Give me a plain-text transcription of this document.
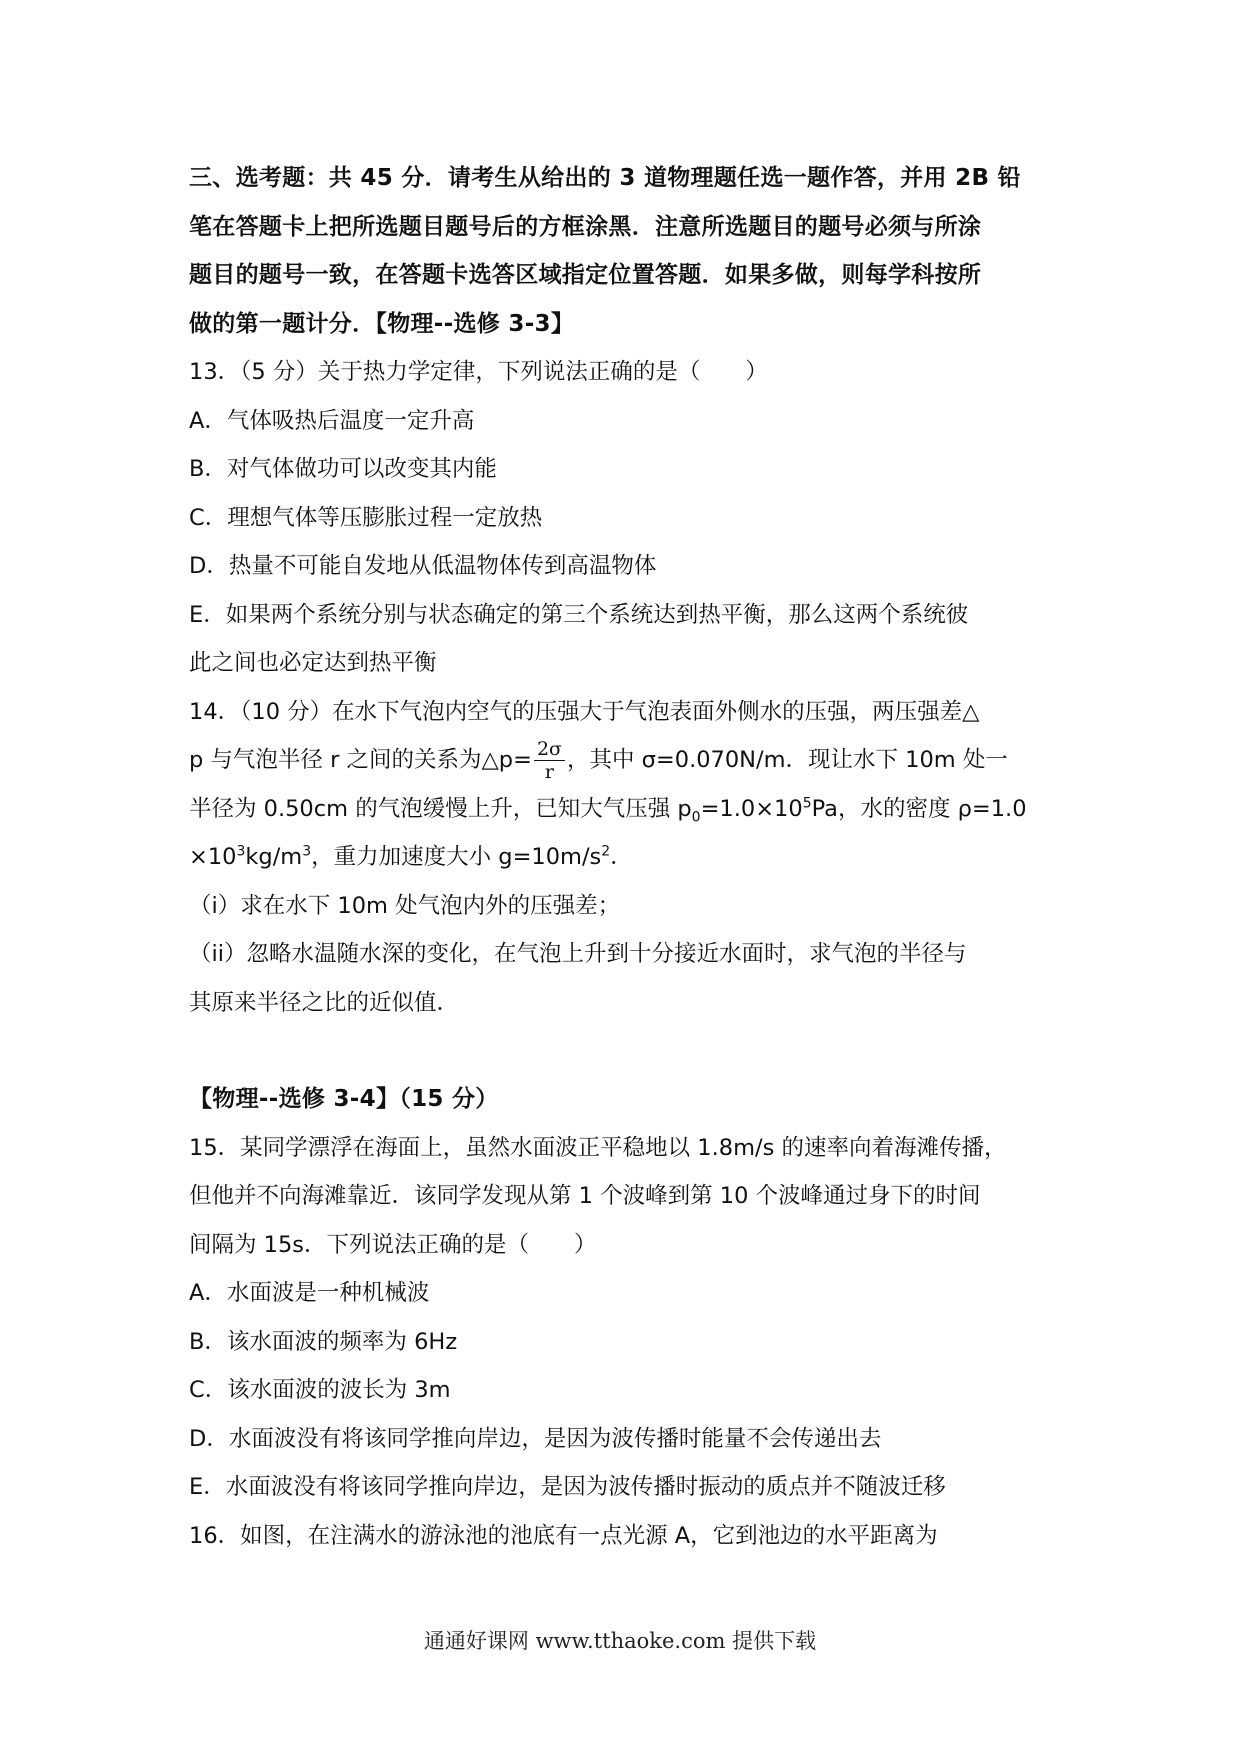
三、选考题：共 45 分．请考生从给出的 3 道物理题任选一题作答，并用 2B 铅
笔在答题卡上把所选题目题号后的方框涂黑．注意所选题目的题号必须与所涂
题目的题号一致，在答题卡选答区域指定位置答题．如果多做，则每学科按所
做的第一题计分．【物理--选修 3-3】
13．（5 分）关于热力学定律，下列说法正确的是（　　）
A．气体吸热后温度一定升高
B．对气体做功可以改变其内能
C．理想气体等压膨胀过程一定放热
D．热量不可能自发地从低温物体传到高温物体
E．如果两个系统分别与状态确定的第三个系统达到热平衡，那么这两个系统彼
此之间也必定达到热平衡
14．（10 分）在水下气泡内空气的压强大于气泡表面外侧水的压强，两压强差△
p 与气泡半径 r 之间的关系为△p= $\frac{2\sigma}{r}$ ，其中 σ=0.070N/m．现让水下 10m 处一
半径为 0.50cm 的气泡缓慢上升，已知大气压强 $p_0=1.0\times 10^5Pa$，水的密度 ρ=1.0
$\times 10^3kg/m^3$，重力加速度大小 $g=10m/s^2$．
（i）求在水下 10m 处气泡内外的压强差；
（ii）忽略水温随水深的变化，在气泡上升到十分接近水面时，求气泡的半径与
其原来半径之比的近似值．
【物理--选修 3-4】（15 分）
15．某同学漂浮在海面上，虽然水面波正平稳地以 1.8m/s 的速率向着海滩传播，
但他并不向海滩靠近．该同学发现从第 1 个波峰到第 10 个波峰通过身下的时间
间隔为 15s．下列说法正确的是（　　）
A．水面波是一种机械波
B．该水面波的频率为 6Hz
C．该水面波的波长为 3m
D．水面波没有将该同学推向岸边，是因为波传播时能量不会传递出去
E．水面波没有将该同学推向岸边，是因为波传播时振动的质点并不随波迁移
16．如图，在注满水的游泳池的池底有一点光源 A，它到池边的水平距离为
通通好课网 www.tthaoke.com 提供下载
